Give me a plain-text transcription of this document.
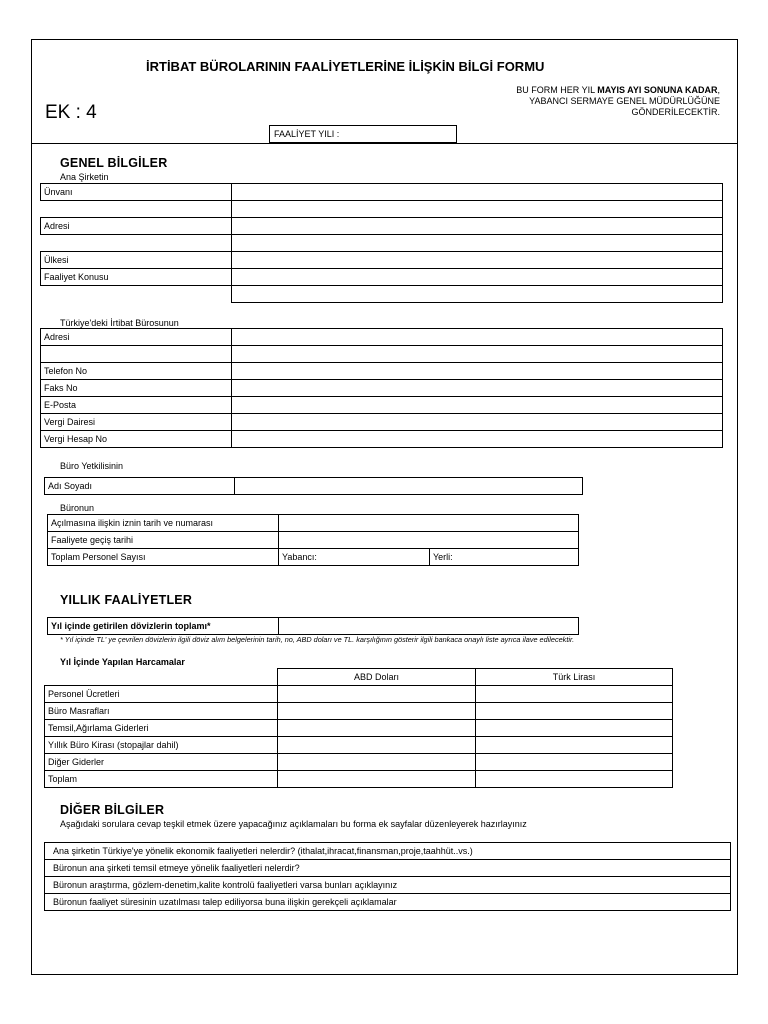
İRTİBAT BÜROLARININ FAALİYETLERİNE İLİŞKİN BİLGİ FORMU
EK : 4
BU FORM HER YIL MAYIS AYI SONUNA KADAR,
YABANCI SERMAYE GENEL MÜDÜRLÜĞÜNE
GÖNDERİLECEKTİR.
FAALİYET YILI :
GENEL BİLGİLER
Ana Şirketin
Ünvanı	

Adresi	

Ülkesi	
Faaliyet Konusu	

Türkiye'deki İrtibat Bürosunun
Adresi	

Telefon No	
Faks No	
E-Posta	
Vergi Dairesi	
Vergi Hesap No	
Büro Yetkilisinin
Adı Soyadı	
Büronun
Açılmasına ilişkin iznin tarih ve numarası		
Faaliyete geçiş tarihi		
Toplam Personel Sayısı	Yabancı:	Yerli:
YILLIK FAALİYETLER
Yıl içinde getirilen dövizlerin toplamı*	
* Yıl içinde TL' ye çevrilen dövizlerin ilgili döviz alım belgelerinin tarih, no, ABD doları ve TL. karşılığının gösterir ilgili bankaca onaylı liste ayrıca ilave edilecektir.
Yıl İçinde Yapılan Harcamalar
	ABD Doları	Türk Lirası
Personel Ücretleri		
Büro Masrafları		
Temsil,Ağırlama Giderleri		
Yıllık Büro Kirası (stopajlar dahil)		
Diğer Giderler		
Toplam		
DİĞER BİLGİLER
Aşağıdaki sorulara cevap teşkil etmek üzere yapacağınız açıklamaları bu forma ek sayfalar düzenleyerek hazırlayınız
Ana şirketin Türkiye'ye yönelik ekonomik faaliyetleri nelerdir? (ithalat,ihracat,finansman,proje,taahhüt..vs.)
Büronun ana şirketi temsil etmeye yönelik faaliyetleri nelerdir?
Büronun araştırma, gözlem-denetim,kalite kontrolü faaliyetleri varsa bunları açıklayınız
Büronun faaliyet süresinin uzatılması talep ediliyorsa buna ilişkin gerekçeli açıklamalar
